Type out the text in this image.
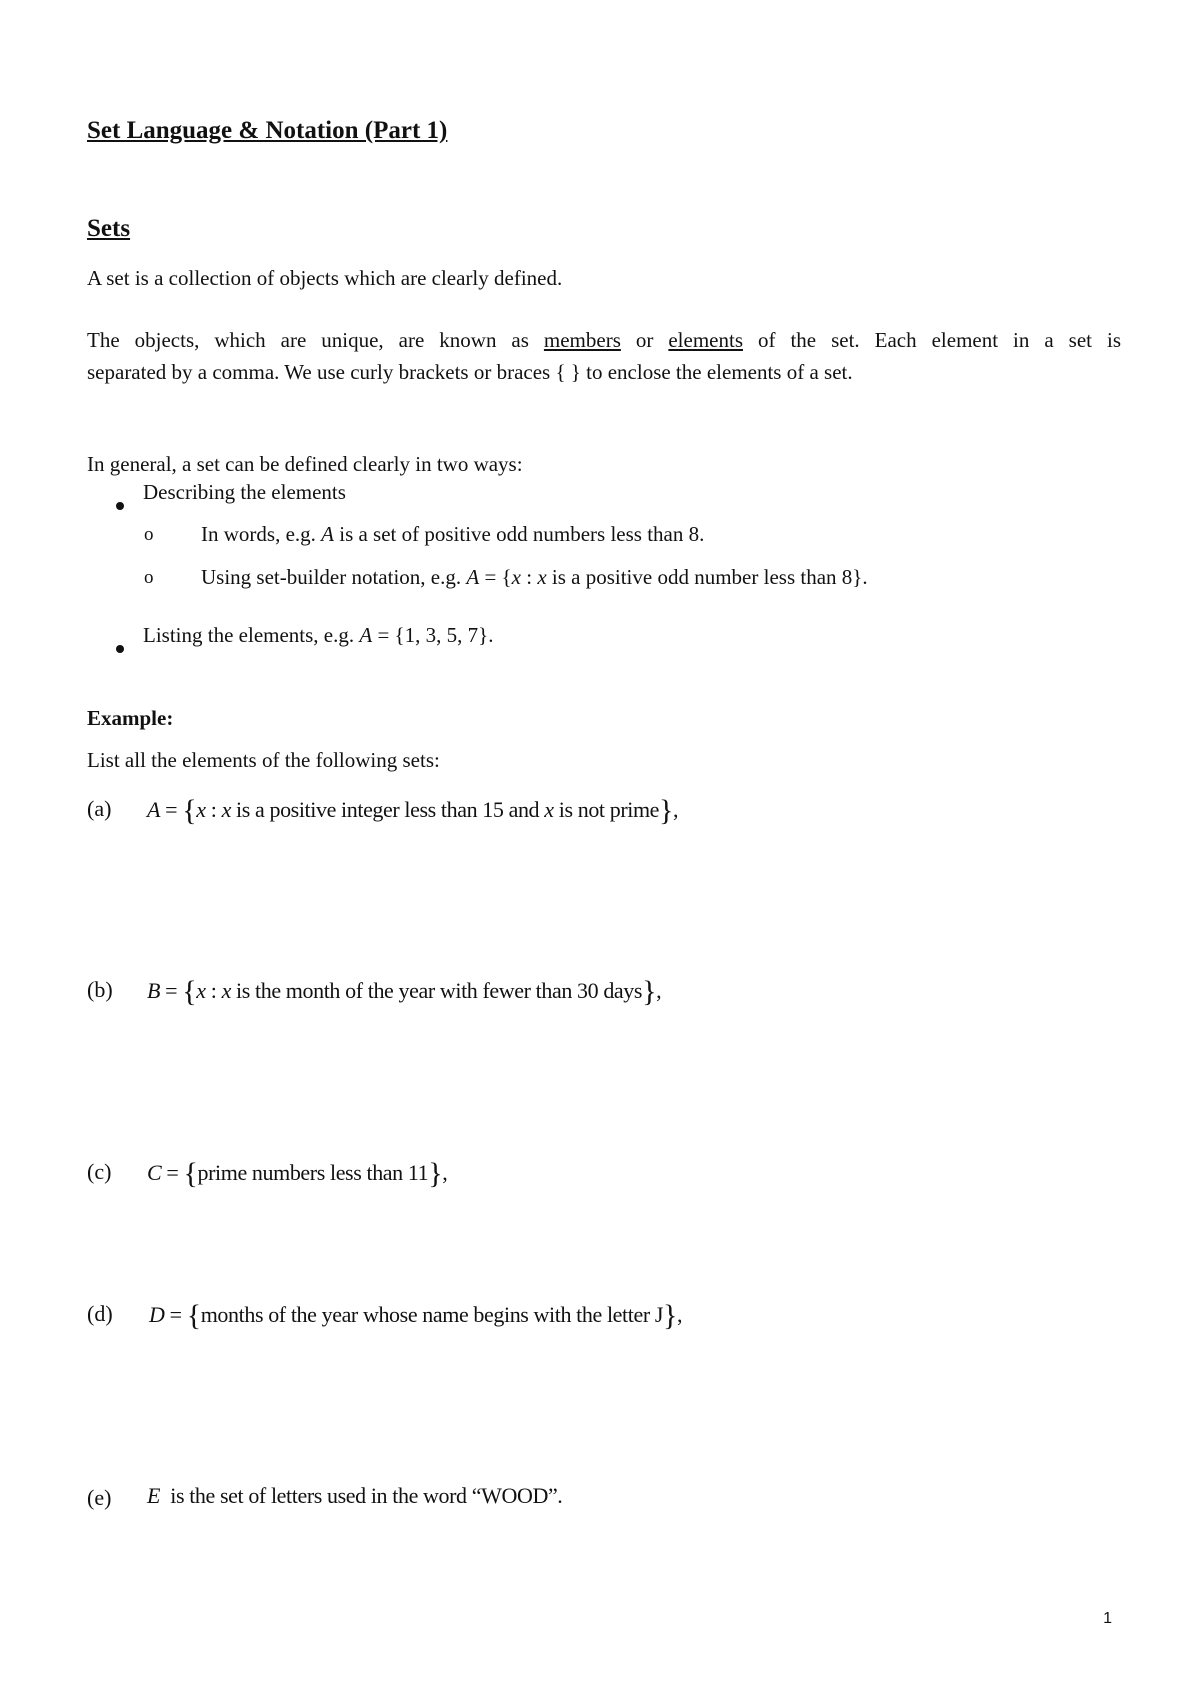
Set Language & Notation (Part 1)
Sets
A set is a collection of objects which are clearly defined.
The objects, which are unique, are known as members or elements of the set. Each element in a set is
separated by a comma. We use curly brackets or braces { } to enclose the elements of a set.
In general, a set can be defined clearly in two ways:
Describing the elements
o In words, e.g. A is a set of positive odd numbers less than 8.
o Using set-builder notation, e.g. A = {x : x is a positive odd number less than 8}.
Listing the elements, e.g. A = {1, 3, 5, 7}.
Example:
List all the elements of the following sets:
(a) A = {x : x is a positive integer less than 15 and x is not prime},
(b) B = {x : x is the month of the year with fewer than 30 days},
(c) C = {prime numbers less than 11},
(d) D = {months of the year whose name begins with the letter J},
(e) E  is the set of letters used in the word “WOOD”.
1
